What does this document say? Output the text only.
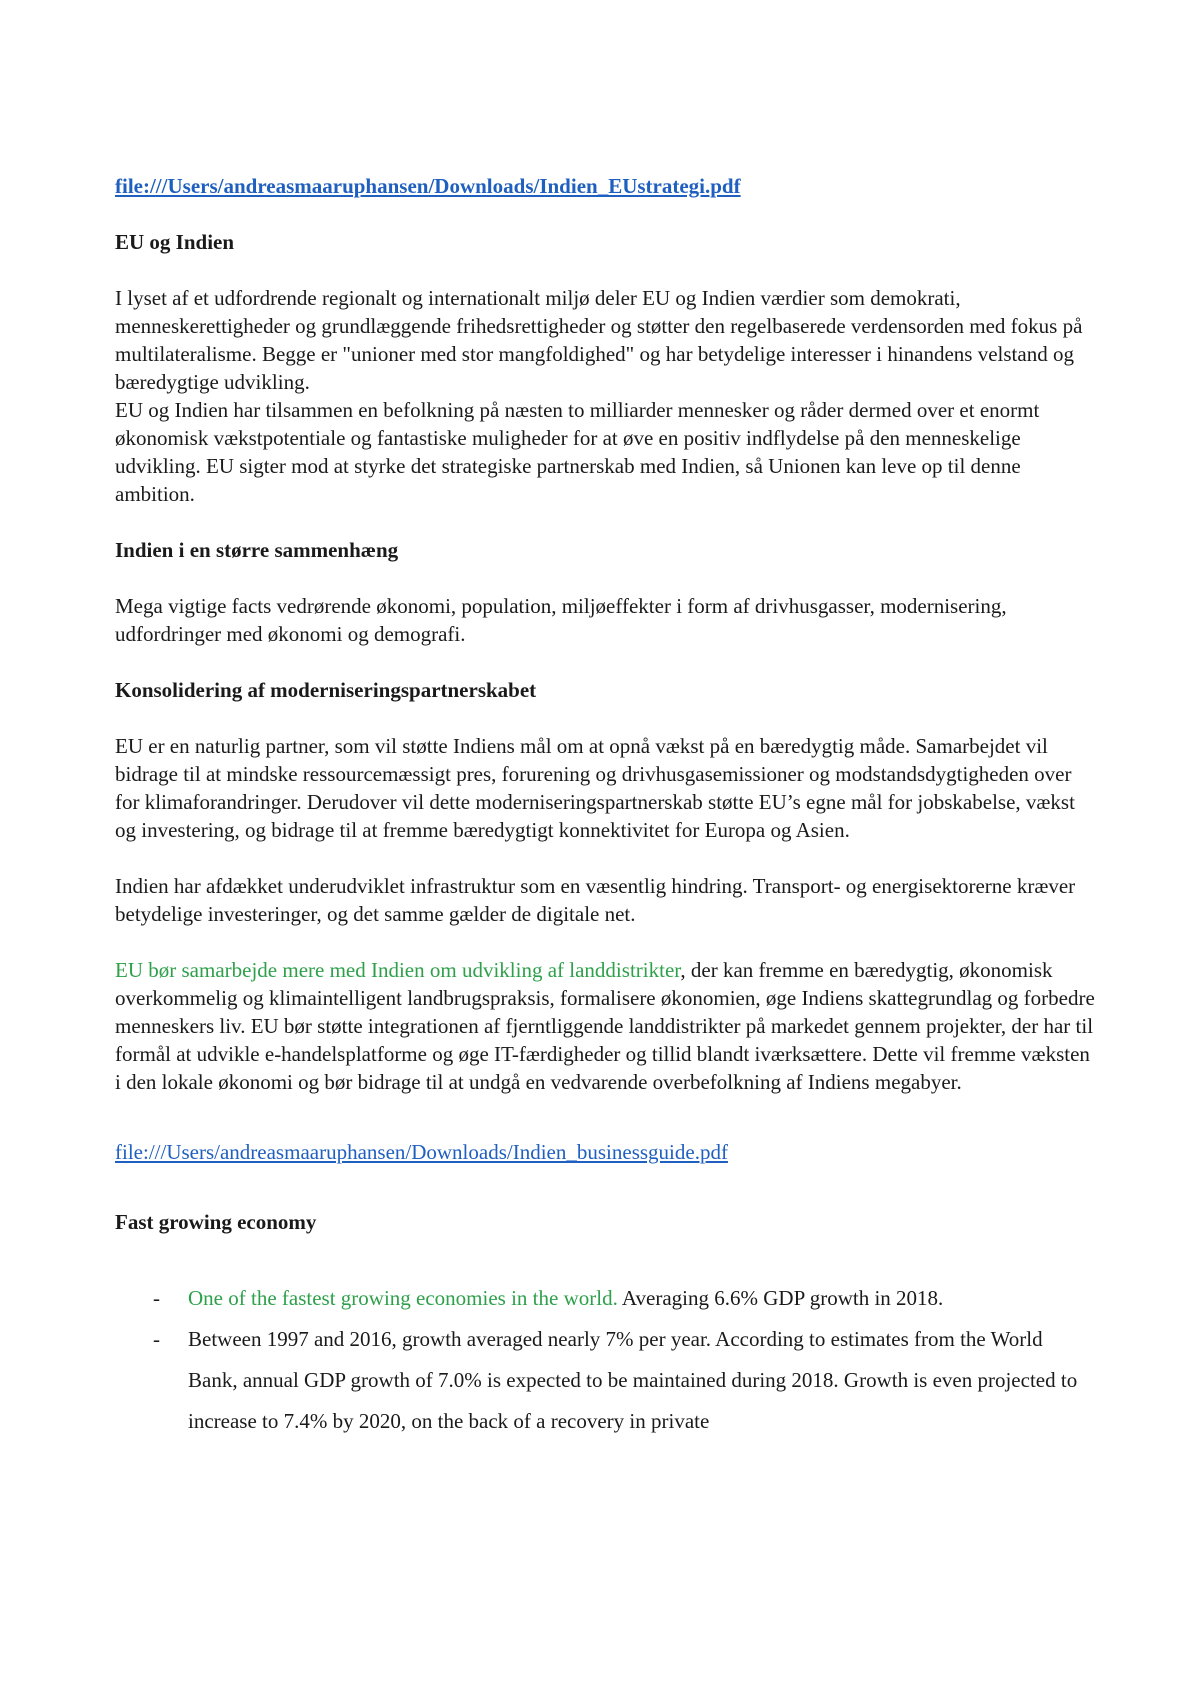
file:///Users/andreasmaaruphansen/Downloads/Indien_EUstrategi.pdf
EU og Indien

I lyset af et udfordrende regionalt og internationalt miljø deler EU og Indien værdier som demokrati, menneskerettigheder og grundlæggende frihedsrettigheder og støtter den regelbaserede verdensorden med fokus på multilateralisme. Begge er "unioner med stor mangfoldighed" og har betydelige interesser i hinandens velstand og bæredygtige udvikling.

EU og Indien har tilsammen en befolkning på næsten to milliarder mennesker og råder dermed over et enormt økonomisk vækstpotentiale og fantastiske muligheder for at øve en positiv indflydelse på den menneskelige udvikling. EU sigter mod at styrke det strategiske partnerskab med Indien, så Unionen kan leve op til denne ambition.

Indien i en større sammenhæng

Mega vigtige facts vedrørende økonomi, population, miljøeffekter i form af drivhusgasser, modernisering, udfordringer med økonomi og demografi.

Konsolidering af moderniseringspartnerskabet

EU er en naturlig partner, som vil støtte Indiens mål om at opnå vækst på en bæredygtig måde. Samarbejdet vil bidrage til at mindske ressourcemæssigt pres, forurening og drivhusgasemissioner og modstandsdygtigheden over for klimaforandringer. Derudover vil dette moderniseringspartnerskab støtte EU’s egne mål for jobskabelse, vækst og investering, og bidrage til at fremme bæredygtigt konnektivitet for Europa og Asien.

Indien har afdækket underudviklet infrastruktur som en væsentlig hindring. Transport- og energisektorerne kræver betydelige investeringer, og det samme gælder de digitale net.

EU bør samarbejde mere med Indien om udvikling af landdistrikter, der kan fremme en bæredygtig, økonomisk overkommelig og klimaintelligent landbrugspraksis, formalisere økonomien, øge Indiens skattegrundlag og forbedre menneskers liv. EU bør støtte integrationen af fjerntliggende landdistrikter på markedet gennem projekter, der har til formål at udvikle e-handelsplatforme og øge IT-færdigheder og tillid blandt iværksættere. Dette vil fremme væksten i den lokale økonomi og bør bidrage til at undgå en vedvarende overbefolkning af Indiens megabyer.

file:///Users/andreasmaaruphansen/Downloads/Indien_businessguide.pdf
Fast growing economy
- One of the fastest growing economies in the world. Averaging 6.6% GDP growth in 2018.
- Between 1997 and 2016, growth averaged nearly 7% per year. According to estimates from the World Bank, annual GDP growth of 7.0% is expected to be maintained during 2018. Growth is even projected to increase to 7.4% by 2020, on the back of a recovery in private
